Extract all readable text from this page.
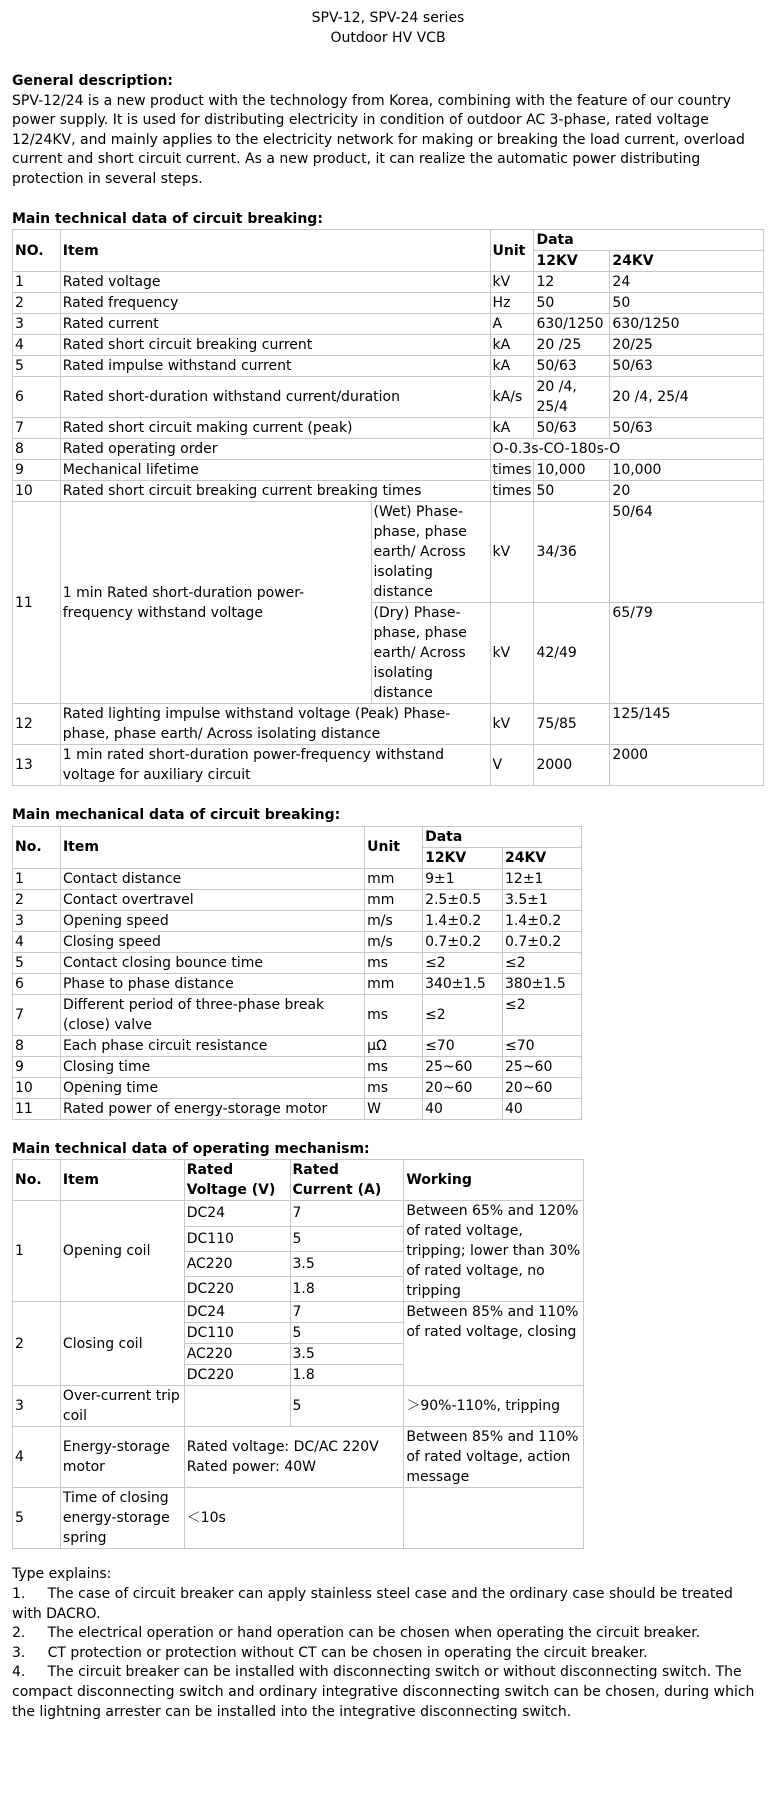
SPV-12, SPV-24 series
Outdoor HV VCB

General description:

SPV-12/24 is a new product with the technology from Korea, combining with the feature of our country power supply. It is used for distributing electricity in condition of outdoor AC 3-phase, rated voltage 12/24KV, and mainly applies to the electricity network for making or breaking the load current, overload current and short circuit current. As a new product, it can realize the automatic power distributing protection in several steps.

Main technical data of circuit breaking:

NO.	Item		Unit	Data	
				12KV	24KV
1	Rated voltage		kV	12	24
2	Rated frequency		Hz	50	50
3	Rated current		A	630/1250	630/1250
4	Rated short circuit breaking current		kA	20 /25	20/25
5	Rated impulse withstand current		kA	50/63	50/63
6	Rated short-duration withstand current/duration		kA/s	20 /4, 25/4	20 /4, 25/4
7	Rated short circuit making current (peak)		kA	50/63	50/63
8	Rated operating order		O-0.3s-CO-180s-O		
9	Mechanical lifetime		times	10,000	10,000
10	Rated short circuit breaking current breaking times		times	50	20
11	1 min Rated short-duration power-frequency withstand voltage	(Wet) Phase-phase, phase earth/ Across isolating distance	kV	34/36	50/64
		(Dry) Phase-phase, phase earth/ Across isolating distance	kV	42/49	65/79
12	Rated lighting impulse withstand voltage (Peak) Phase-phase, phase earth/ Across isolating distance		kV	75/85	125/145
13	1 min rated short-duration power-frequency withstand voltage for auxiliary circuit		V	2000	2000

Main mechanical data of circuit breaking:

No.	Item	Unit	Data	
			12KV	24KV
1	Contact distance	mm	9±1	12±1
2	Contact overtravel	mm	2.5±0.5	3.5±1
3	Opening speed	m/s	1.4±0.2	1.4±0.2
4	Closing speed	m/s	0.7±0.2	0.7±0.2
5	Contact closing bounce time	ms	≤2	≤2
6	Phase to phase distance	mm	340±1.5	380±1.5
7	Different period of three-phase break (close) valve	ms	≤2	≤2
8	Each phase circuit resistance	μΩ	≤70	≤70
9	Closing time	ms	25~60	25~60
10	Opening time	ms	20~60	20~60
11	Rated power of energy-storage motor	W	40	40

Main technical data of operating mechanism:

No.	Item	Rated Voltage (V)	Rated Current (A)	Working
1	Opening coil	DC24	7	Between 65% and 120% of rated voltage, tripping; lower than 30% of rated voltage, no tripping
		DC110	5	
		AC220	3.5	
		DC220	1.8	
2	Closing coil	DC24	7	Between 85% and 110% of rated voltage, closing
		DC110	5	
		AC220	3.5	
		DC220	1.8	
3	Over-current trip coil		5	＞90%-110%, tripping
4	Energy-storage motor	Rated voltage: DC/AC 220V
Rated power: 40W		Between 85% and 110% of rated voltage, action message
5	Time of closing energy-storage spring	＜10s		

Type explains:

1. The case of circuit breaker can apply stainless steel case and the ordinary case should be treated with DACRO.

2. The electrical operation or hand operation can be chosen when operating the circuit breaker.

3. CT protection or protection without CT can be chosen in operating the circuit breaker.

4. The circuit breaker can be installed with disconnecting switch or without disconnecting switch. The compact disconnecting switch and ordinary integrative disconnecting switch can be chosen, during which the lightning arrester can be installed into the integrative disconnecting switch.
